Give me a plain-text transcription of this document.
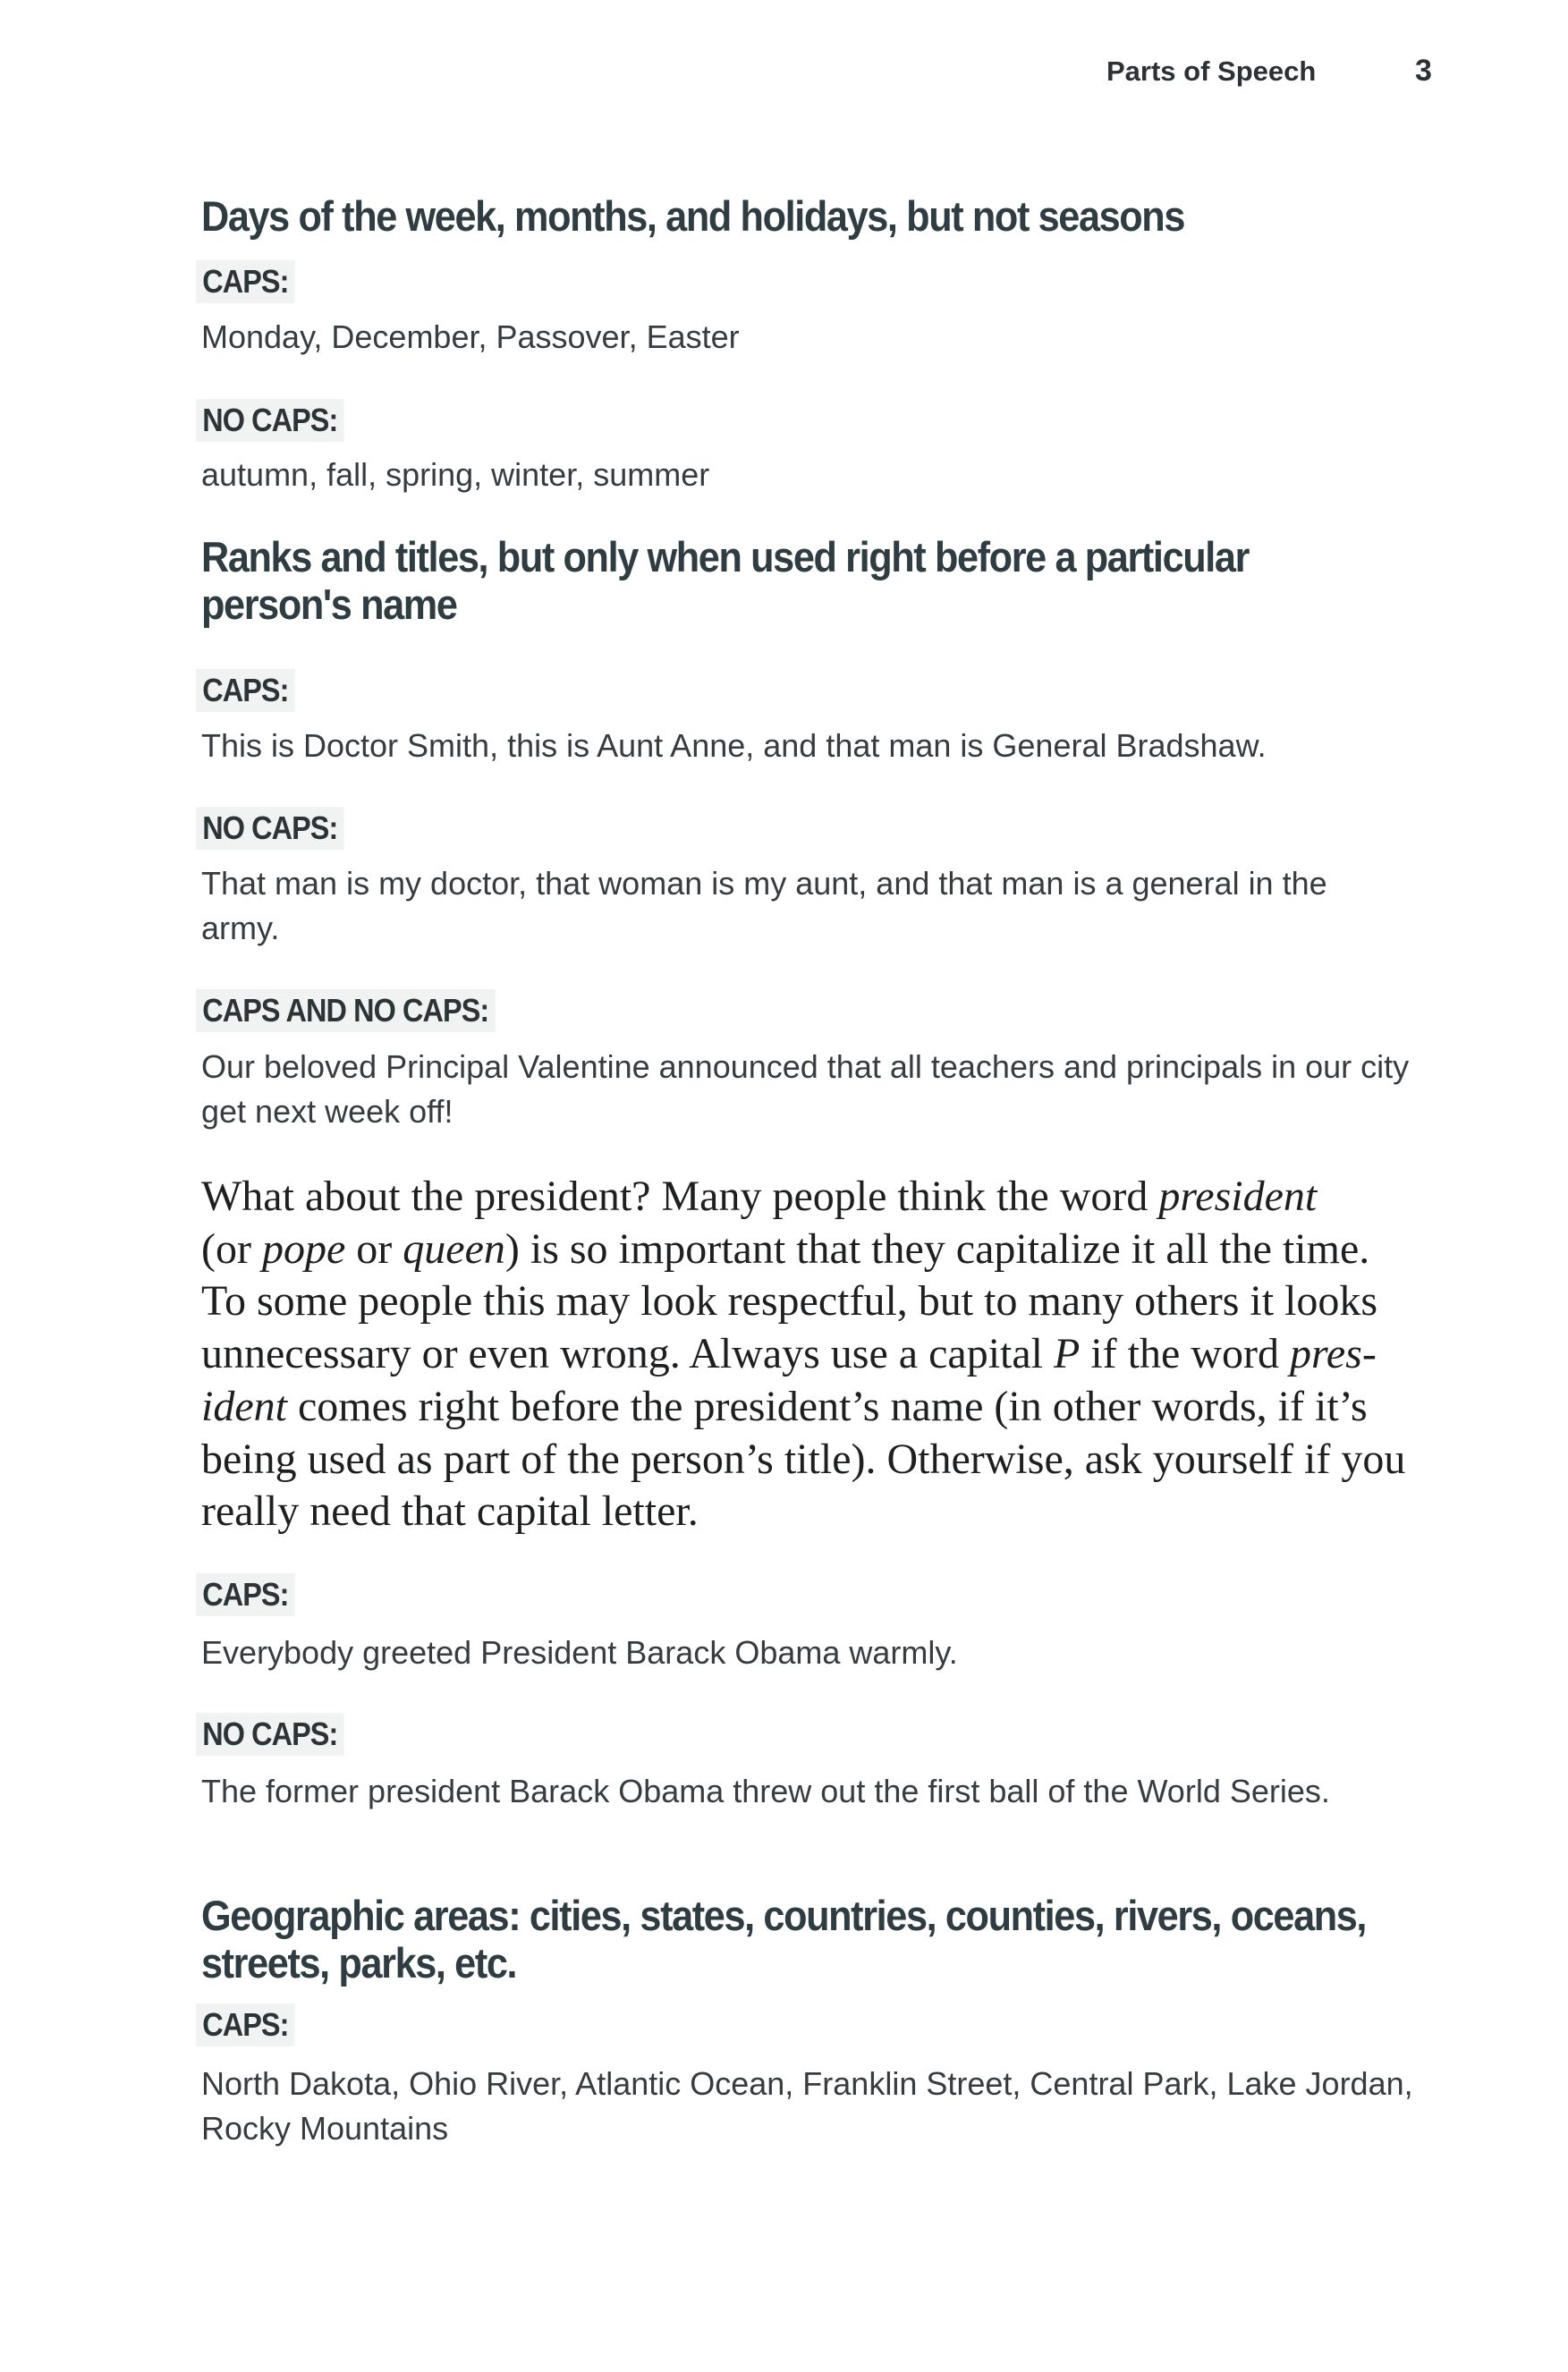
Parts of Speech	3
Days of the week, months, and holidays, but not seasons
CAPS:
Monday, December, Passover, Easter
NO CAPS:
autumn, fall, spring, winter, summer
Ranks and titles, but only when used right before a particular person's name
CAPS:
This is Doctor Smith, this is Aunt Anne, and that man is General Bradshaw.
NO CAPS:
That man is my doctor, that woman is my aunt, and that man is a general in the army.
CAPS AND NO CAPS:
Our beloved Principal Valentine announced that all teachers and principals in our city get next week off!
What about the president? Many people think the word president
(or pope or queen) is so important that they capitalize it all the time.
To some people this may look respectful, but to many others it looks
unnecessary or even wrong. Always use a capital P if the word pres-
ident comes right before the president’s name (in other words, if it’s
being used as part of the person’s title). Otherwise, ask yourself if you
really need that capital letter.
CAPS:
Everybody greeted President Barack Obama warmly.
NO CAPS:
The former president Barack Obama threw out the first ball of the World Series.
Geographic areas: cities, states, countries, counties, rivers, oceans, streets, parks, etc.
CAPS:
North Dakota, Ohio River, Atlantic Ocean, Franklin Street, Central Park, Lake Jordan, Rocky Mountains
